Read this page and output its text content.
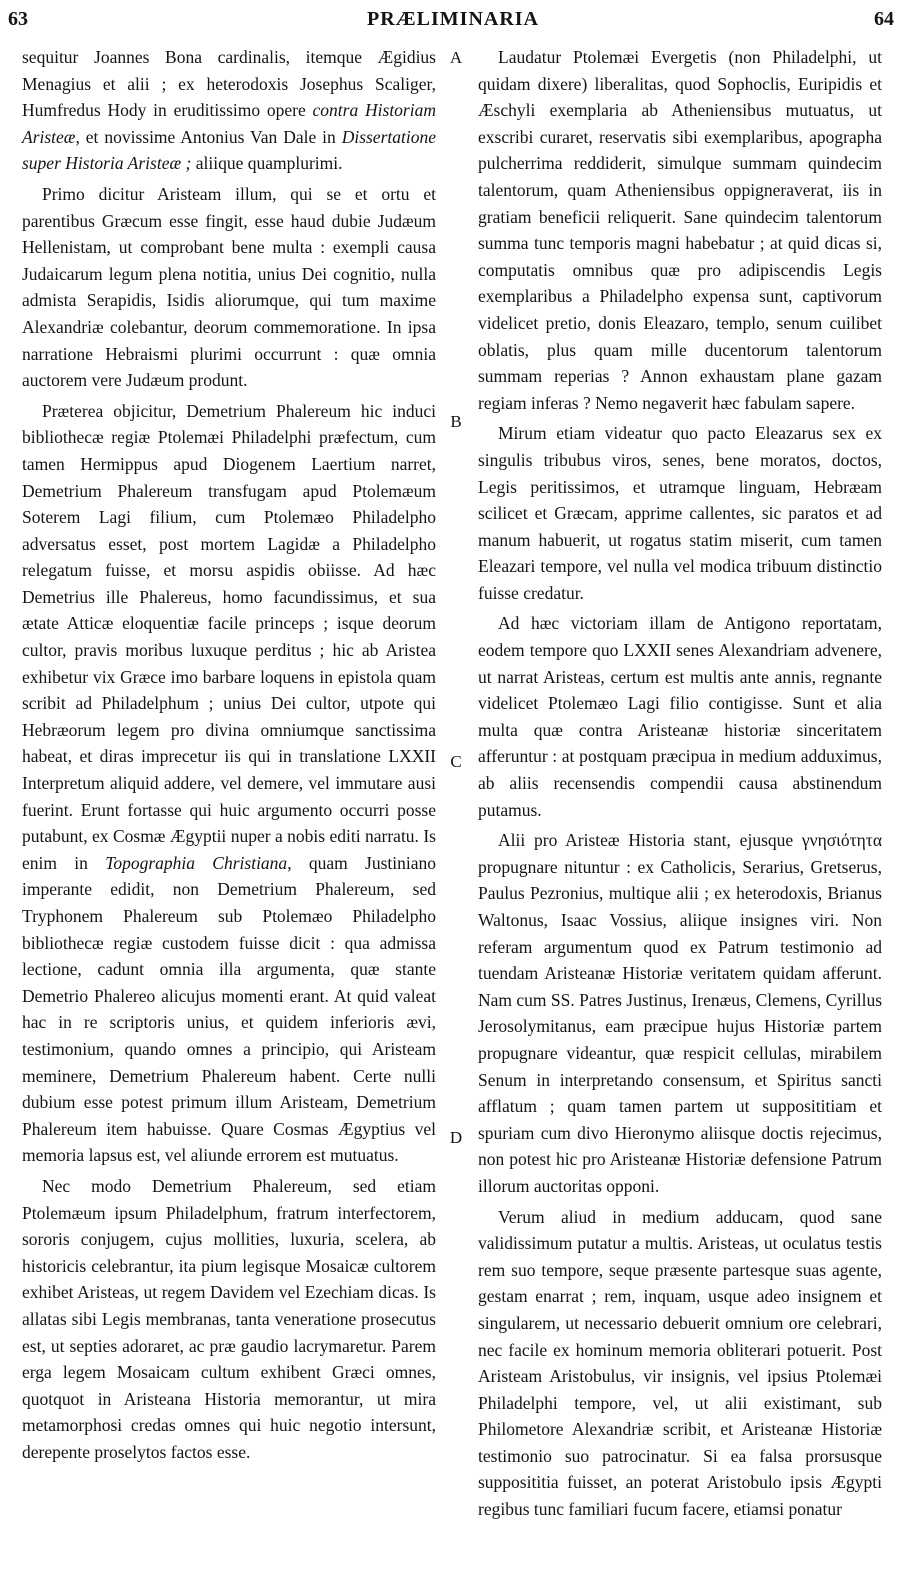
63	PRÆLIMINARIA	64

sequitur Joannes Bona cardinalis, itemque Ægidius Menagius et alii ; ex heterodoxis Josephus Scaliger, Humfredus Hody in eruditissimo opere contra Historiam Aristeæ, et novissime Antonius Van Dale in Dissertatione super Historia Aristeæ ; aliique quamplurimi.

Primo dicitur Aristeam illum, qui se et ortu et parentibus Græcum esse fingit, esse haud dubie Judæum Hellenistam, ut comprobant bene multa : exempli causa Judaicarum legum plena notitia, unius Dei cognitio, nulla admista Serapidis, Isidis aliorumque, qui tum maxime Alexandriæ colebantur, deorum commemoratione. In ipsa narratione Hebraismi plurimi occurrunt : quæ omnia auctorem vere Judæum produnt.

Præterea objicitur, Demetrium Phalereum hic induci bibliothecæ regiæ Ptolemæi Philadelphi præfectum, cum tamen Hermippus apud Diogenem Laertium narret, Demetrium Phalereum transfugam apud Ptolemæum Soterem Lagi filium, cum Ptolemæo Philadelpho adversatus esset, post mortem Lagidæ a Philadelpho relegatum fuisse, et morsu aspidis obiisse. Ad hæc Demetrius ille Phalereus, homo facundissimus, et sua ætate Atticæ eloquentiæ facile princeps ; isque deorum cultor, pravis moribus luxuque perditus ; hic ab Aristea exhibetur vix Græce imo barbare loquens in epistola quam scribit ad Philadelphum ; unius Dei cultor, utpote qui Hebræorum legem pro divina omniumque sanctissima habeat, et diras imprecetur iis qui in translatione LXXII Interpretum aliquid addere, vel demere, vel immutare ausi fuerint. Erunt fortasse qui huic argumento occurri posse putabunt, ex Cosmæ Ægyptii nuper a nobis editi narratu. Is enim in Topographia Christiana, quam Justiniano imperante edidit, non Demetrium Phalereum, sed Tryphonem Phalereum sub Ptolemæo Philadelpho bibliothecæ regiæ custodem fuisse dicit : qua admissa lectione, cadunt omnia illa argumenta, quæ stante Demetrio Phalereo alicujus momenti erant. At quid valeat hac in re scriptoris unius, et quidem inferioris ævi, testimonium, quando omnes a principio, qui Aristeam meminere, Demetrium Phalereum habent. Certe nulli dubium esse potest primum illum Aristeam, Demetrium Phalereum item habuisse. Quare Cosmas Ægyptius vel memoria lapsus est, vel aliunde errorem est mutuatus.

Nec modo Demetrium Phalereum, sed etiam Ptolemæum ipsum Philadelphum, fratrum interfectorem, sororis conjugem, cujus mollities, luxuria, scelera, ab historicis celebrantur, ita pium legisque Mosaicæ cultorem exhibet Aristeas, ut regem Davidem vel Ezechiam dicas. Is allatas sibi Legis membranas, tanta veneratione prosecutus est, ut septies adoraret, ac præ gaudio lacrymaretur. Parem erga legem Mosaicam cultum exhibent Græci omnes, quotquot in Aristeana Historia memorantur, ut mira metamorphosi credas omnes qui huic negotio intersunt, derepente proselytos factos esse.

A
B
C
D

Laudatur Ptolemæi Evergetis (non Philadelphi, ut quidam dixere) liberalitas, quod Sophoclis, Euripidis et Æschyli exemplaria ab Atheniensibus mutuatus, ut exscribi curaret, reservatis sibi exemplaribus, apographa pulcherrima reddiderit, simulque summam quindecim talentorum, quam Atheniensibus oppigneraverat, iis in gratiam beneficii reliquerit. Sane quindecim talentorum summa tunc temporis magni habebatur ; at quid dicas si, computatis omnibus quæ pro adipiscendis Legis exemplaribus a Philadelpho expensa sunt, captivorum videlicet pretio, donis Eleazaro, templo, senum cuilibet oblatis, plus quam mille ducentorum talentorum summam reperias ? Annon exhaustam plane gazam regiam inferas ? Nemo negaverit hæc fabulam sapere.

Mirum etiam videatur quo pacto Eleazarus sex ex singulis tribubus viros, senes, bene moratos, doctos, Legis peritissimos, et utramque linguam, Hebræam scilicet et Græcam, apprime callentes, sic paratos et ad manum habuerit, ut rogatus statim miserit, cum tamen Eleazari tempore, vel nulla vel modica tribuum distinctio fuisse credatur.

Ad hæc victoriam illam de Antigono reportatam, eodem tempore quo LXXII senes Alexandriam advenere, ut narrat Aristeas, certum est multis ante annis, regnante videlicet Ptolemæo Lagi filio contigisse. Sunt et alia multa quæ contra Aristeanæ historiæ sinceritatem afferuntur : at postquam præcipua in medium adduximus, ab aliis recensendis compendii causa abstinendum putamus.

Alii pro Aristeæ Historia stant, ejusque γνησιότητα propugnare nituntur : ex Catholicis, Serarius, Gretserus, Paulus Pezronius, multique alii ; ex heterodoxis, Brianus Waltonus, Isaac Vossius, aliique insignes viri. Non referam argumentum quod ex Patrum testimonio ad tuendam Aristeanæ Historiæ veritatem quidam afferunt. Nam cum SS. Patres Justinus, Irenæus, Clemens, Cyrillus Jerosolymitanus, eam præcipue hujus Historiæ partem propugnare videantur, quæ respicit cellulas, mirabilem Senum in interpretando consensum, et Spiritus sancti afflatum ; quam tamen partem ut supposititiam et spuriam cum divo Hieronymo aliisque doctis rejecimus, non potest hic pro Aristeanæ Historiæ defensione Patrum illorum auctoritas opponi.

Verum aliud in medium adducam, quod sane validissimum putatur a multis. Aristeas, ut oculatus testis rem suo tempore, seque præsente partesque suas agente, gestam enarrat ; rem, inquam, usque adeo insignem et singularem, ut necessario debuerit omnium ore celebrari, nec facile ex hominum memoria obliterari potuerit. Post Aristeam Aristobulus, vir insignis, vel ipsius Ptolemæi Philadelphi tempore, vel, ut alii existimant, sub Philometore Alexandriæ scribit, et Aristeanæ Historiæ testimonio suo patrocinatur. Si ea falsa prorsusque supposititia fuisset, an poterat Aristobulo ipsis Ægypti regibus tunc familiari fucum facere, etiamsi ponatur
